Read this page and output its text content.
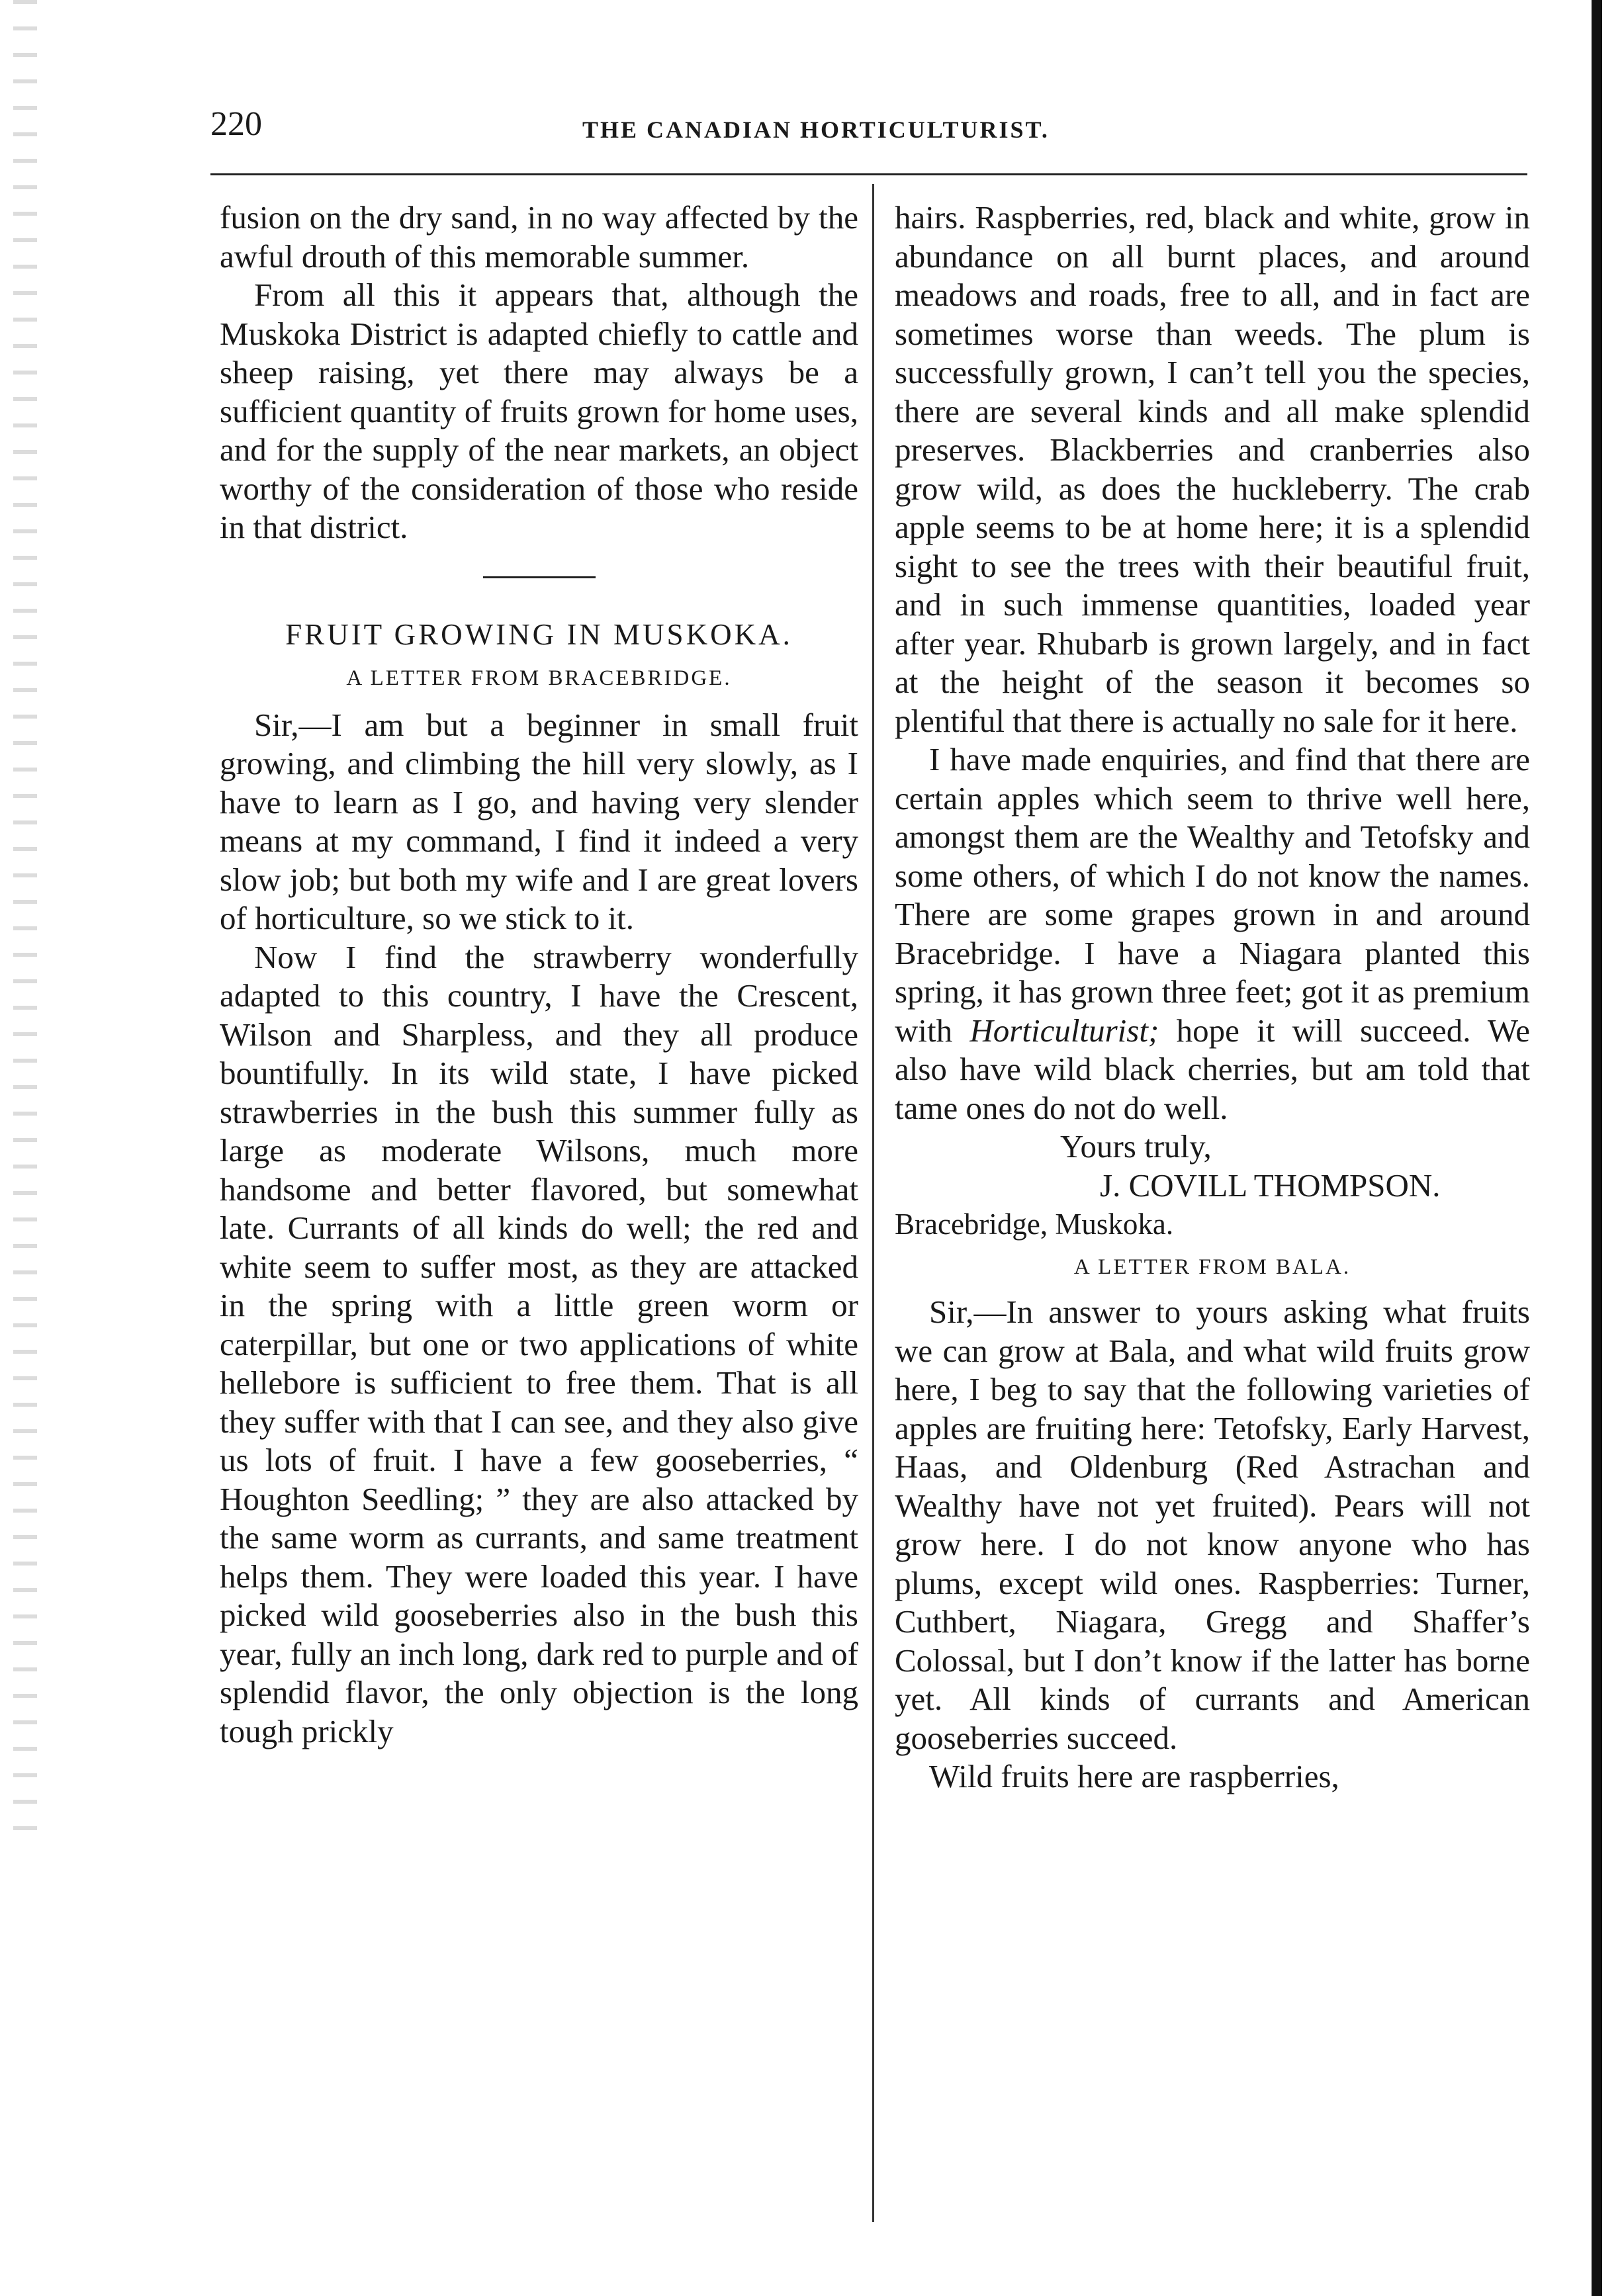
220	THE CANADIAN HORTICULTURIST.

fusion on the dry sand, in no way affected by the awful drouth of this memorable summer.

From all this it appears that, although the Muskoka District is adapted chiefly to cattle and sheep raising, yet there may always be a sufficient quantity of fruits grown for home uses, and for the supply of the near markets, an object worthy of the consideration of those who reside in that district.

FRUIT GROWING IN MUSKOKA.

A LETTER FROM BRACEBRIDGE.

Sir,—I am but a beginner in small fruit growing, and climbing the hill very slowly, as I have to learn as I go, and having very slender means at my command, I find it indeed a very slow job; but both my wife and I are great lovers of horticulture, so we stick to it.

Now I find the strawberry wonderfully adapted to this country, I have the Crescent, Wilson and Sharpless, and they all produce bountifully. In its wild state, I have picked strawberries in the bush this summer fully as large as moderate Wilsons, much more handsome and better flavored, but somewhat late. Currants of all kinds do well; the red and white seem to suffer most, as they are attacked in the spring with a little green worm or caterpillar, but one or two applications of white hellebore is sufficient to free them. That is all they suffer with that I can see, and they also give us lots of fruit. I have a few gooseberries, “ Houghton Seedling; ” they are also attacked by the same worm as currants, and same treatment helps them. They were loaded this year. I have picked wild gooseberries also in the bush this year, fully an inch long, dark red to purple and of splendid flavor, the only objection is the long tough prickly

hairs. Raspberries, red, black and white, grow in abundance on all burnt places, and around meadows and roads, free to all, and in fact are sometimes worse than weeds. The plum is successfully grown, I can’t tell you the species, there are several kinds and all make splendid preserves. Blackberries and cranberries also grow wild, as does the huckleberry. The crab apple seems to be at home here; it is a splendid sight to see the trees with their beautiful fruit, and in such immense quantities, loaded year after year. Rhubarb is grown largely, and in fact at the height of the season it becomes so plentiful that there is actually no sale for it here.

I have made enquiries, and find that there are certain apples which seem to thrive well here, amongst them are the Wealthy and Tetofsky and some others, of which I do not know the names. There are some grapes grown in and around Bracebridge. I have a Niagara planted this spring, it has grown three feet; got it as premium with Horticulturist; hope it will succeed. We also have wild black cherries, but am told that tame ones do not do well.

Yours truly,

J. COVILL THOMPSON.

Bracebridge, Muskoka.

A LETTER FROM BALA.

Sir,—In answer to yours asking what fruits we can grow at Bala, and what wild fruits grow here, I beg to say that the following varieties of apples are fruiting here: Tetofsky, Early Harvest, Haas, and Oldenburg (Red Astrachan and Wealthy have not yet fruited). Pears will not grow here. I do not know anyone who has plums, except wild ones. Raspberries: Turner, Cuthbert, Niagara, Gregg and Shaffer’s Colossal, but I don’t know if the latter has borne yet. All kinds of currants and American gooseberries succeed.

Wild fruits here are raspberries,
